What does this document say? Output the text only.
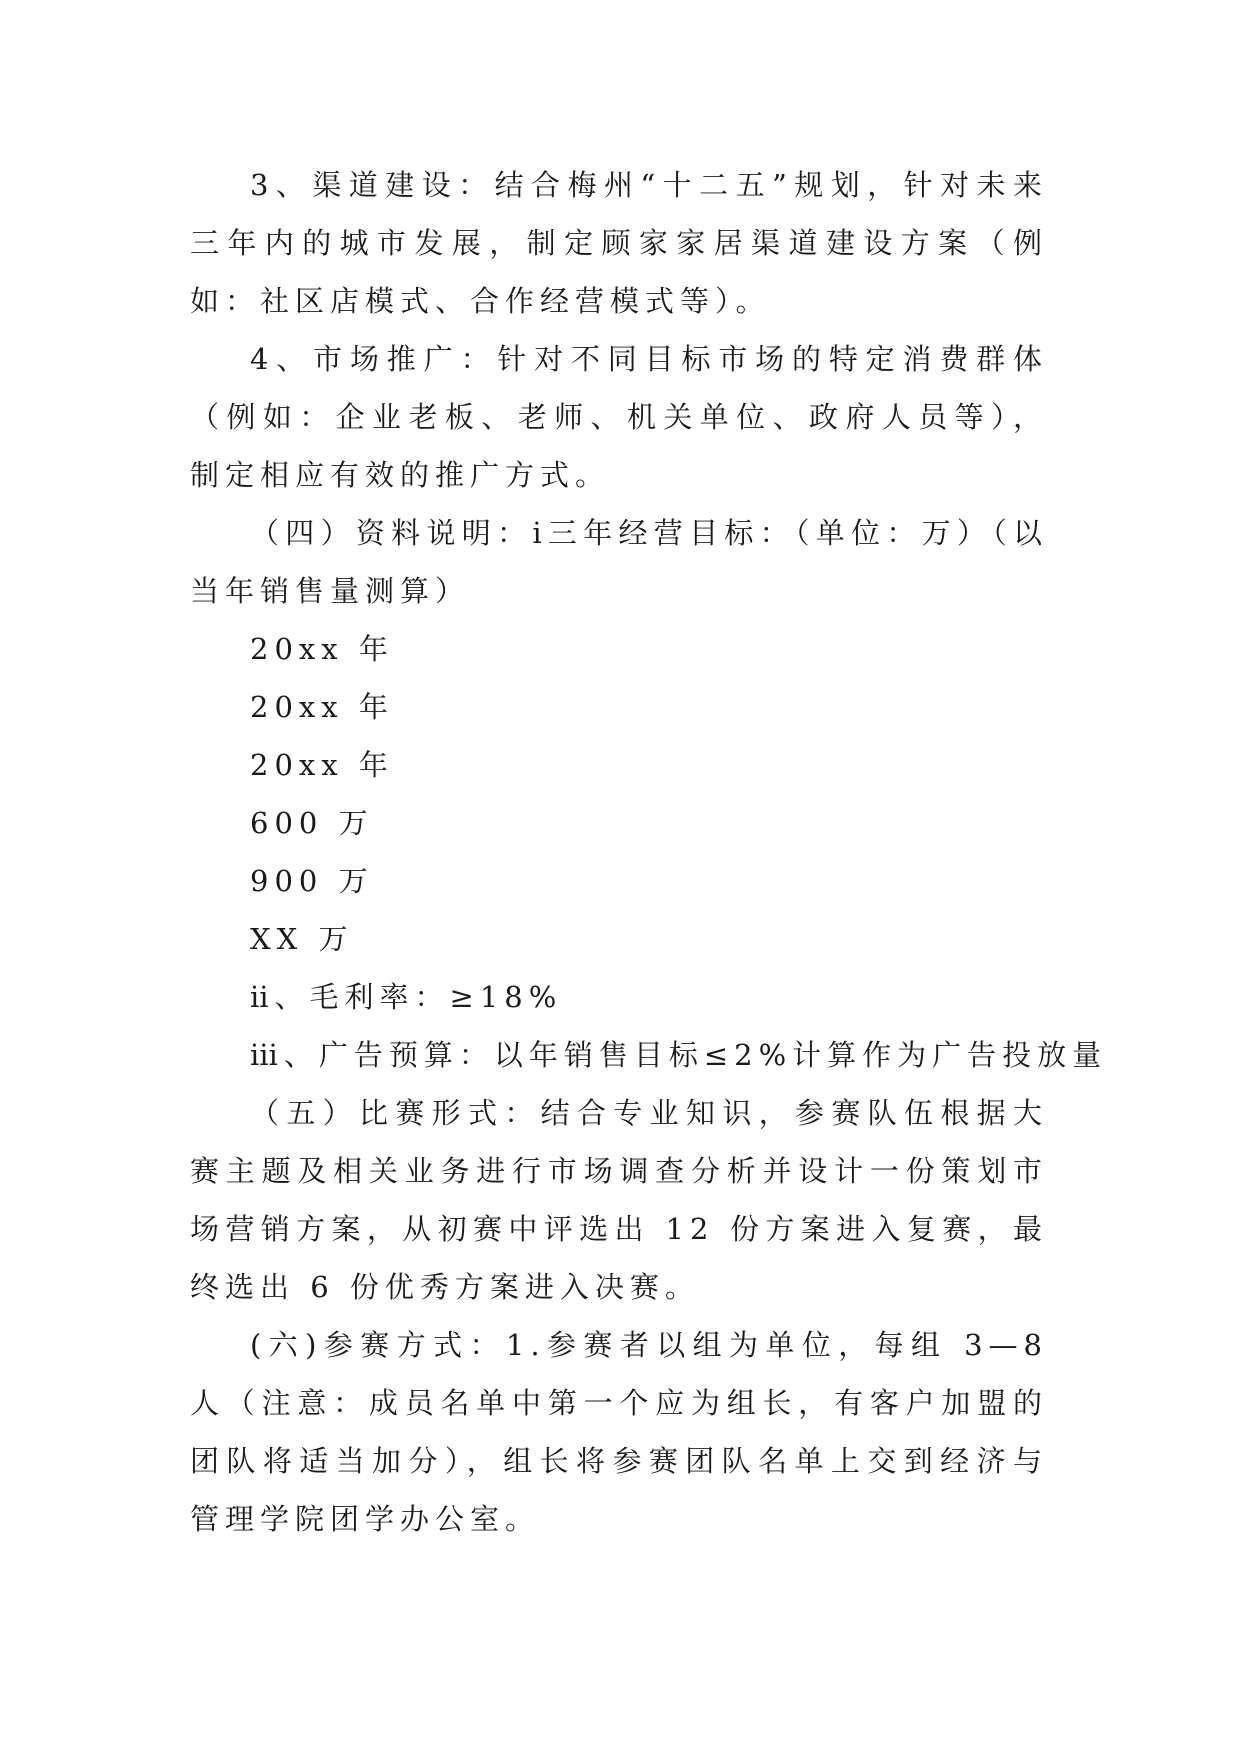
3、渠道建设：结合梅州“十二五”规划，针对未来三年内的城市发展，制定顾家家居渠道建设方案（例如：社区店模式、合作经营模式等）。

4、市场推广：针对不同目标市场的特定消费群体（例如：企业老板、老师、机关单位、政府人员等），制定相应有效的推广方式。

（四）资料说明：ⅰ三年经营目标：（单位：万）（以当年销售量测算）

20xx 年

20xx 年

20xx 年

600 万

900 万

XX 万

ⅱ、毛利率：≥18%

ⅲ、广告预算：以年销售目标≤2%计算作为广告投放量

（五）比赛形式：结合专业知识，参赛队伍根据大赛主题及相关业务进行市场调查分析并设计一份策划市场营销方案，从初赛中评选出 12 份方案进入复赛，最终选出 6 份优秀方案进入决赛。

(六)参赛方式：1.参赛者以组为单位，每组 3—8 人（注意：成员名单中第一个应为组长，有客户加盟的团队将适当加分），组长将参赛团队名单上交到经济与管理学院团学办公室。
